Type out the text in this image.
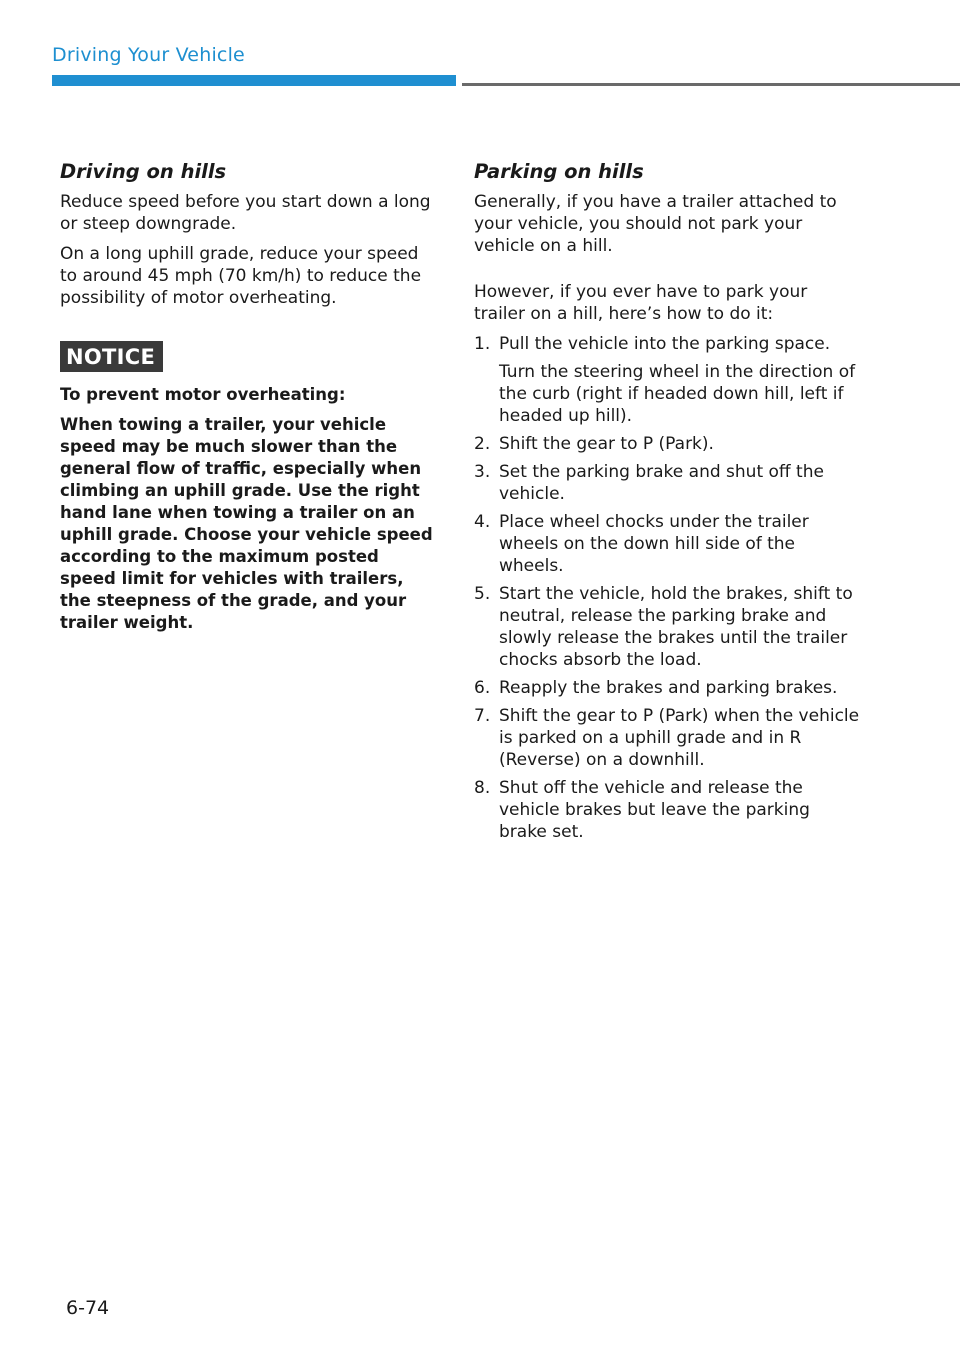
Driving Your Vehicle
Driving on hills

Reduce speed before you start down a long or steep downgrade.

On a long uphill grade, reduce your speed to around 45 mph (70 km/h) to reduce the possibility of motor overheating.

NOTICE

To prevent motor overheating:

When towing a trailer, your vehicle speed may be much slower than the general flow of traffic, especially when climbing an uphill grade. Use the right hand lane when towing a trailer on an uphill grade. Choose your vehicle speed according to the maximum posted speed limit for vehicles with trailers, the steepness of the grade, and your trailer weight.

Parking on hills

Generally, if you have a trailer attached to your vehicle, you should not park your vehicle on a hill.

However, if you ever have to park your trailer on a hill, here’s how to do it:

1. Pull the vehicle into the parking space.
Turn the steering wheel in the direction of the curb (right if headed down hill, left if headed up hill).
2. Shift the gear to P (Park).
3. Set the parking brake and shut off the vehicle.
4. Place wheel chocks under the trailer wheels on the down hill side of the wheels.
5. Start the vehicle, hold the brakes, shift to neutral, release the parking brake and slowly release the brakes until the trailer chocks absorb the load.
6. Reapply the brakes and parking brakes.
7. Shift the gear to P (Park) when the vehicle is parked on a uphill grade and in R (Reverse) on a downhill.
8. Shut off the vehicle and release the vehicle brakes but leave the parking brake set.
6-74
